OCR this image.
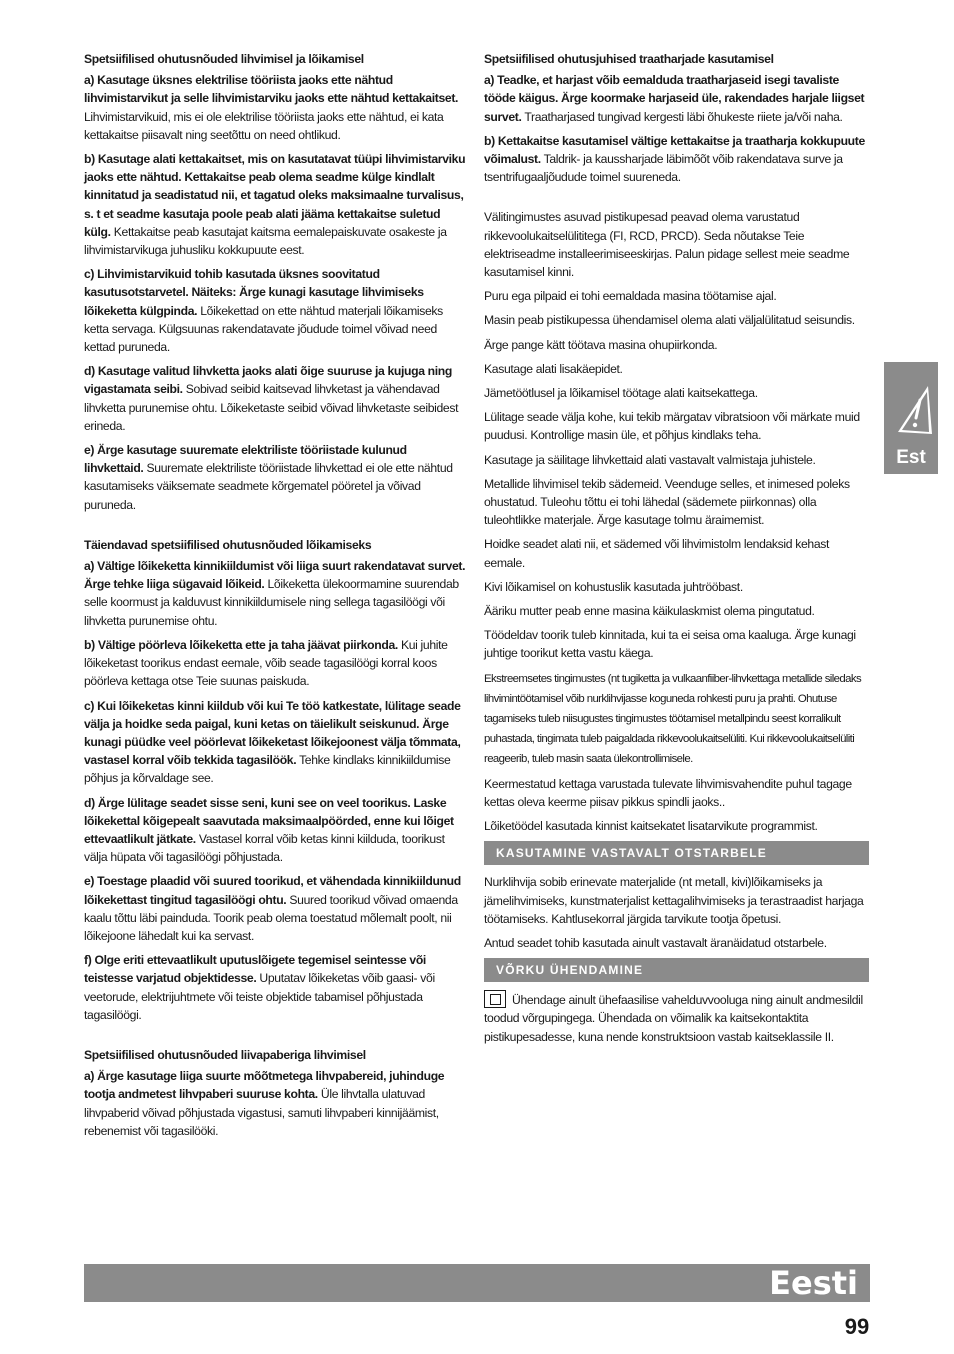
Spetsiifilised ohutusnõuded lihvimisel ja lõikamisel

a) Kasutage üksnes elektrilise tööriista jaoks ette nähtud lihvimistarvikut ja selle lihvimistarviku jaoks ette nähtud kettakaitset. Lihvimistarvikuid, mis ei ole elektrilise tööriista jaoks ette nähtud, ei kata kettakaitse piisavalt ning seetõttu on need ohtlikud.

b) Kasutage alati kettakaitset, mis on kasutatavat tüüpi lihvimistarviku jaoks ette nähtud. Kettakaitse peab olema seadme külge kindlalt kinnitatud ja seadistatud nii, et tagatud oleks maksimaalne turvalisus, s. t et seadme kasutaja poole peab alati jääma kettakaitse suletud külg. Kettakaitse peab kasutajat kaitsma eemalepaiskuvate osakeste ja lihvimistarvikuga juhusliku kokkupuute eest.

c) Lihvimistarvikuid tohib kasutada üksnes soovitatud kasutusotstarvetel. Näiteks: Ärge kunagi kasutage lihvimiseks lõikeketta külgpinda. Lõikekettad on ette nähtud materjali lõikamiseks ketta servaga. Külgsuunas rakendatavate jõudude toimel võivad need kettad puruneda.

d) Kasutage valitud lihvketta jaoks alati õige suuruse ja kujuga ning vigastamata seibi. Sobivad seibid kaitsevad lihvketast ja vähendavad lihvketta purunemise ohtu. Lõikeketaste seibid võivad lihvketaste seibidest erineda.

e) Ärge kasutage suuremate elektriliste tööriistade kulunud lihvkettaid. Suuremate elektriliste tööriistade lihvkettad ei ole ette nähtud kasutamiseks väiksemate seadmete kõrgematel pööretel ja võivad puruneda.

Täiendavad spetsiifilised ohutusnõuded lõikamiseks

a) Vältige lõikeketta kinnikiildumist või liiga suurt rakendatavat survet. Ärge tehke liiga sügavaid lõikeid. Lõikeketta ülekoormamine suurendab selle koormust ja kalduvust kinnikiildumisele ning sellega tagasilöögi või lihvketta purunemise ohtu.

b) Vältige pöörleva lõikeketta ette ja taha jäävat piirkonda. Kui juhite lõikeketast toorikus endast eemale, võib seade tagasilöögi korral koos pöörleva kettaga otse Teie suunas paiskuda.

c) Kui lõikeketas kinni kiildub või kui Te töö katkestate, lülitage seade välja ja hoidke seda paigal, kuni ketas on täielikult seiskunud. Ärge kunagi püüdke veel pöörlevat lõikeketast lõikejoonest välja tõmmata, vastasel korral võib tekkida tagasilöök. Tehke kindlaks kinnikiildumise põhjus ja kõrvaldage see.

d) Ärge lülitage seadet sisse seni, kuni see on veel toorikus. Laske lõikekettal kõigepealt saavutada maksimaalpöörded, enne kui lõiget ettevaatlikult jätkate. Vastasel korral võib ketas kinni kiilduda, toorikust välja hüpata või tagasilöögi põhjustada.

e) Toestage plaadid või suured toorikud, et vähendada kinnikiildunud lõikekettast tingitud tagasilöögi ohtu. Suured toorikud võivad omaenda kaalu tõttu läbi painduda. Toorik peab olema toestatud mõlemalt poolt, nii lõikejoone lähedalt kui ka servast.

f) Olge eriti ettevaatlikult uputuslõigete tegemisel seintesse või teistesse varjatud objektidesse. Uputatav lõikeketas võib gaasi- või veetorude, elektrijuhtmete või teiste objektide tabamisel põhjustada tagasilöögi.

Spetsiifilised ohutusnõuded liivapaberiga lihvimisel

a) Ärge kasutage liiga suurte mõõtmetega lihvpabereid, juhinduge tootja andmetest lihvpaberi suuruse kohta. Üle lihvtalla ulatuvad lihvpaberid võivad põhjustada vigastusi, samuti lihvpaberi kinnijäämist, rebenemist või tagasilööki.

Spetsiifilised ohutusjuhised traatharjade kasutamisel

a) Teadke, et harjast võib eemalduda traatharjaseid isegi tavaliste tööde käigus. Ärge koormake harjaseid üle, rakendades harjale liigset survet. Traatharjased tungivad kergesti läbi õhukeste riiete ja/või naha.

b) Kettakaitse kasutamisel vältige kettakaitse ja traatharja kokkupuute võimalust. Taldrik- ja kaussharjade läbimõõt võib rakendatava surve ja tsentrifugaaljõudude toimel suureneda.

Välitingimustes asuvad pistikupesad peavad olema varustatud rikkevoolukaitselülititega (FI, RCD, PRCD). Seda nõutakse Teie elektriseadme installeerimiseeskirjas. Palun pidage sellest meie seadme kasutamisel kinni.

Puru ega pilpaid ei tohi eemaldada masina töötamise ajal.

Masin peab pistikupessa ühendamisel olema alati väljalülitatud seisundis.

Ärge pange kätt töötava masina ohupiirkonda.

Kasutage alati lisakäepidet.

Jämetöötlusel ja lõikamisel töötage alati kaitsekattega.

Lülitage seade välja kohe, kui tekib märgatav vibratsioon või märkate muid puudusi. Kontrollige masin üle, et põhjus kindlaks teha.

Kasutage ja säilitage lihvkettaid alati vastavalt valmistaja juhistele.

Metallide lihvimisel tekib sädemeid. Veenduge selles, et inimesed poleks ohustatud. Tuleohu tõttu ei tohi lähedal (sädemete piirkonnas) olla tuleohtlikke materjale. Ärge kasutage tolmu äraimemist.

Hoidke seadet alati nii, et sädemed või lihvimistolm lendaksid kehast eemale.

Kivi lõikamisel on kohustuslik kasutada juhtrööbast.

Ääriku mutter peab enne masina käikulaskmist olema pingutatud.

Töödeldav toorik tuleb kinnitada, kui ta ei seisa oma kaaluga. Ärge kunagi juhtige toorikut ketta vastu käega.

Ekstreemsetes tingimustes (nt tugiketta ja vulkaanfiiber-lihvkettaga metallide siledaks lihvimintöötamisel võib nurklihvijasse koguneda rohkesti puru ja prahti. Ohutuse tagamiseks tuleb niisugustes tingimustes töötamisel metallpindu seest korralikult puhastada, tingimata tuleb paigaldada rikkevoolukaitselüliti. Kui rikkevoolukaitselüliti reageerib, tuleb masin saata ülekontrollimisele.

Keermestatud kettaga varustada tulevate lihvimisvahendite puhul tagage kettas oleva keerme piisav pikkus spindli jaoks..

Lõiketöödel kasutada kinnist kaitsekatet lisatarvikute programmist.

KASUTAMINE VASTAVALT OTSTARBELE

Nurklihvija sobib erinevate materjalide (nt metall, kivi)lõikamiseks ja jämelihvimiseks, kunstmaterjalist kettagalihvimiseks ja terastraadist harjaga töötamiseks. Kahtlusekorral järgida tarvikute tootja õpetusi.

Antud seadet tohib kasutada ainult vastavalt äranäidatud otstarbele.

VÕRKU ÜHENDAMINE

Ühendage ainult ühefaasilise vahelduvvooluga ning ainult andmesildil toodud võrgupingega. Ühendada on võimalik ka kaitsekontaktita pistikupesadesse, kuna nende konstruktsioon vastab kaitseklassile II.

Est
Eesti
99
